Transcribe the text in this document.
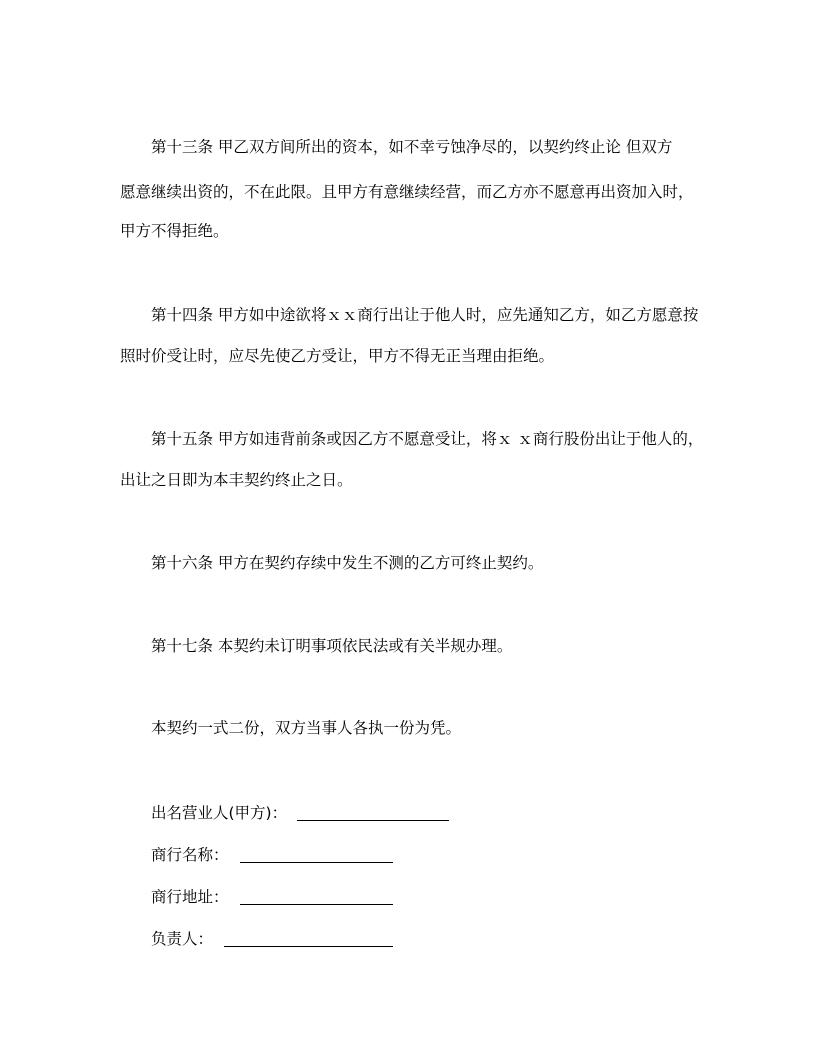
第十三条 甲乙双方间所出的资本，如不幸亏蚀净尽的，以契约终止论 但双方
愿意继续出资的，不在此限。且甲方有意继续经营，而乙方亦不愿意再出资加入时，
甲方不得拒绝。
第十四条 甲方如中途欲将ｘｘ商行出让于他人时，应先通知乙方，如乙方愿意按
照时价受让时，应尽先使乙方受让，甲方不得无正当理由拒绝。
第十五条 甲方如违背前条或因乙方不愿意受让，将ｘ ｘ商行股份出让于他人的，
出让之日即为本丰契约终止之日。
第十六条 甲方在契约存续中发生不测的乙方可终止契约。
第十七条 本契约未订明事项依民法或有关半规办理。
本契约一式二份，双方当事人各执一份为凭。
出名营业人(甲方)：
商行名称：
商行地址：
负责人：
